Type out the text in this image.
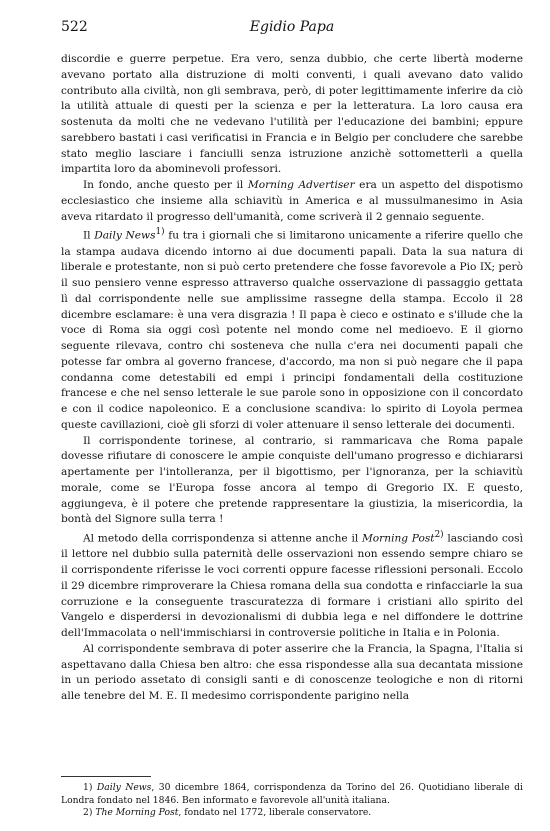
522	Egidio Papa

discordie e guerre perpetue. Era vero, senza dubbio, che certe libertà moderne avevano portato alla distruzione di molti conventi, i quali avevano dato valido contributo alla civiltà, non gli sembrava, però, di poter legittimamente inferire da ciò la utilità attuale di questi per la scienza e per la letteratura. La loro causa era sostenuta da molti che ne vedevano l'utilità per l'educazione dei bambini; eppure sarebbero bastati i casi verificatisi in Francia e in Belgio per concludere che sarebbe stato meglio lasciare i fanciulli senza istruzione anzichè sottometterli a quella impartita loro da abominevoli professori.

In fondo, anche questo per il Morning Advertiser era un aspetto del dispotismo ecclesiastico che insieme alla schiavitù in America e al mussulmanesimo in Asia aveva ritardato il progresso dell'umanità, come scriverà il 2 gennaio seguente.

Il Daily News$^{1)}$ fu tra i giornali che si limitarono unicamente a riferire quello che la stampa audava dicendo intorno ai due documenti papali. Data la sua natura di liberale e protestante, non si può certo pretendere che fosse favorevole a Pio IX; però il suo pensiero venne espresso attraverso qualche osservazione di passaggio gettata lì dal corrispondente nelle sue amplissime rassegne della stampa. Eccolo il 28 dicembre esclamare: è una vera disgrazia ! Il papa è cieco e ostinato e s'illude che la voce di Roma sia oggi così potente nel mondo come nel medioevo. E il giorno seguente rilevava, contro chi sosteneva che nulla c'era nei documenti papali che potesse far ombra al governo francese, d'accordo, ma non si può negare che il papa condanna come detestabili ed empi i principi fondamentali della costituzione francese e che nel senso letterale le sue parole sono in opposizione con il concordato e con il codice napoleonico. E a conclusione scandiva: lo spirito di Loyola permea queste cavillazioni, cioè gli sforzi di voler attenuare il senso letterale dei documenti.

Il corrispondente torinese, al contrario, si rammaricava che Roma papale dovesse rifiutare di conoscere le ampie conquiste dell'umano progresso e dichiararsi apertamente per l'intolleranza, per il bigottismo, per l'ignoranza, per la schiavitù morale, come se l'Europa fosse ancora al tempo di Gregorio IX. E questo, aggiungeva, è il potere che pretende rappresentare la giustizia, la misericordia, la bontà del Signore sulla terra !

Al metodo della corrispondenza si attenne anche il Morning Post$^{2)}$ lasciando così il lettore nel dubbio sulla paternità delle osservazioni non essendo sempre chiaro se il corrispondente riferisse le voci correnti oppure facesse riflessioni personali. Eccolo il 29 dicembre rimproverare la Chiesa romana della sua condotta e rinfacciarle la sua corruzione e la conseguente trascuratezza di formare i cristiani allo spirito del Vangelo e disperdersi in devozionalismi di dubbia lega e nel diffondere le dottrine dell'Immacolata o nell'immischiarsi in controversie politiche in Italia e in Polonia.

Al corrispondente sembrava di poter asserire che la Francia, la Spagna, l'Italia si aspettavano dalla Chiesa ben altro: che essa rispondesse alla sua decantata missione in un periodo assetato di consigli santi e di conoscenze teologiche e non di ritorni alle tenebre del M. E. Il medesimo corrispondente parigino nella

1) Daily News, 30 dicembre 1864, corrispondenza da Torino del 26. Quotidiano liberale di Londra fondato nel 1846. Ben informato e favorevole all'unità italiana.

2) The Morning Post, fondato nel 1772, liberale conservatore.
